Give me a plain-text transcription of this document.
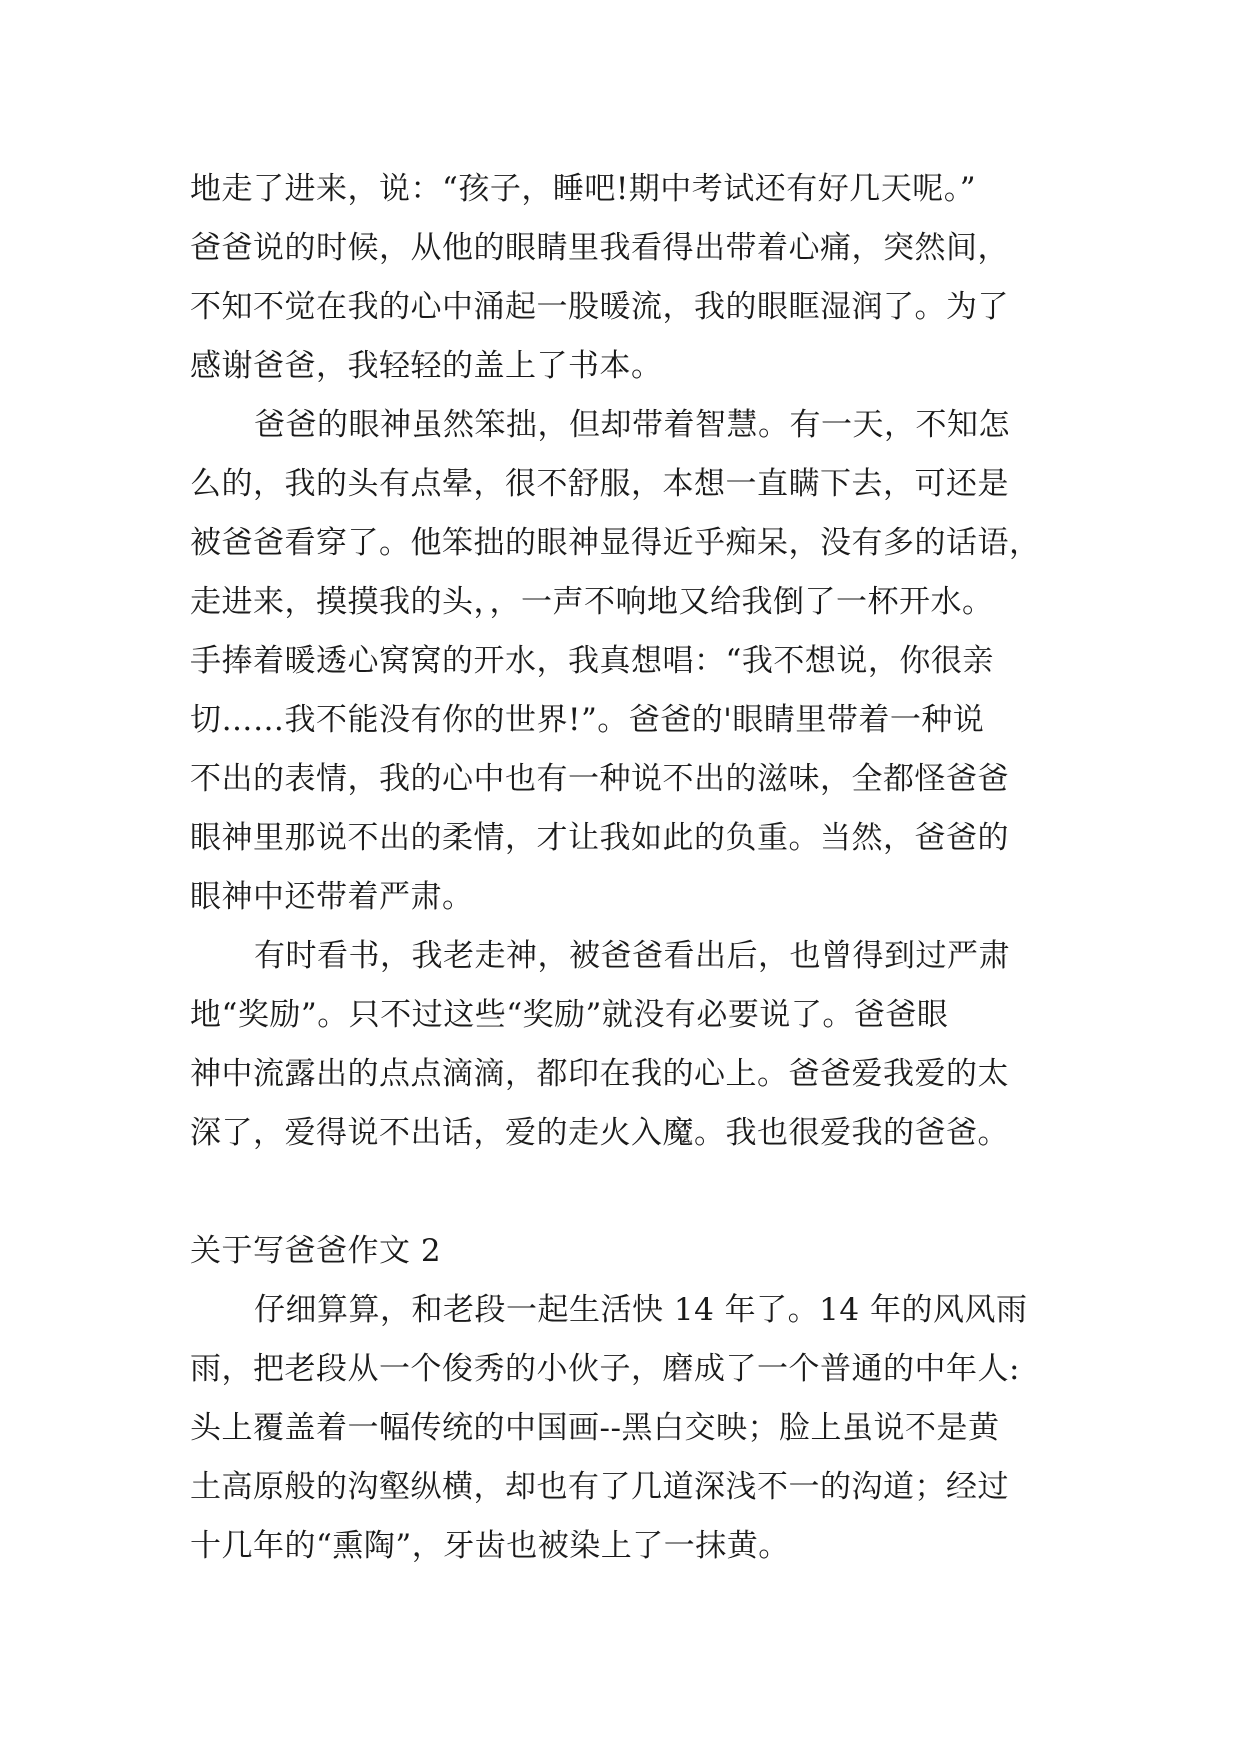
地走了进来，说：“孩子，睡吧!期中考试还有好几天呢。”
爸爸说的时候，从他的眼睛里我看得出带着心痛，突然间，
不知不觉在我的心中涌起一股暖流，我的眼眶湿润了。为了
感谢爸爸，我轻轻的盖上了书本。
爸爸的眼神虽然笨拙，但却带着智慧。有一天，不知怎
么的，我的头有点晕，很不舒服，本想一直瞒下去，可还是
被爸爸看穿了。他笨拙的眼神显得近乎痴呆，没有多的话语，
走进来，摸摸我的头，，一声不响地又给我倒了一杯开水。
手捧着暖透心窝窝的开水，我真想唱：“我不想说，你很亲
切……我不能没有你的世界!”。爸爸的'眼睛里带着一种说
不出的表情，我的心中也有一种说不出的滋味，全都怪爸爸
眼神里那说不出的柔情，才让我如此的负重。当然，爸爸的
眼神中还带着严肃。
有时看书，我老走神，被爸爸看出后，也曾得到过严肃
地“奖励”。只不过这些“奖励”就没有必要说了。爸爸眼
神中流露出的点点滴滴，都印在我的心上。爸爸爱我爱的太
深了，爱得说不出话，爱的走火入魔。我也很爱我的爸爸。
关于写爸爸作文 2
仔细算算，和老段一起生活快 14 年了。14 年的风风雨
雨，把老段从一个俊秀的小伙子，磨成了一个普通的中年人:
头上覆盖着一幅传统的中国画--黑白交映；脸上虽说不是黄
土高原般的沟壑纵横，却也有了几道深浅不一的沟道；经过
十几年的“熏陶”，牙齿也被染上了一抹黄。
